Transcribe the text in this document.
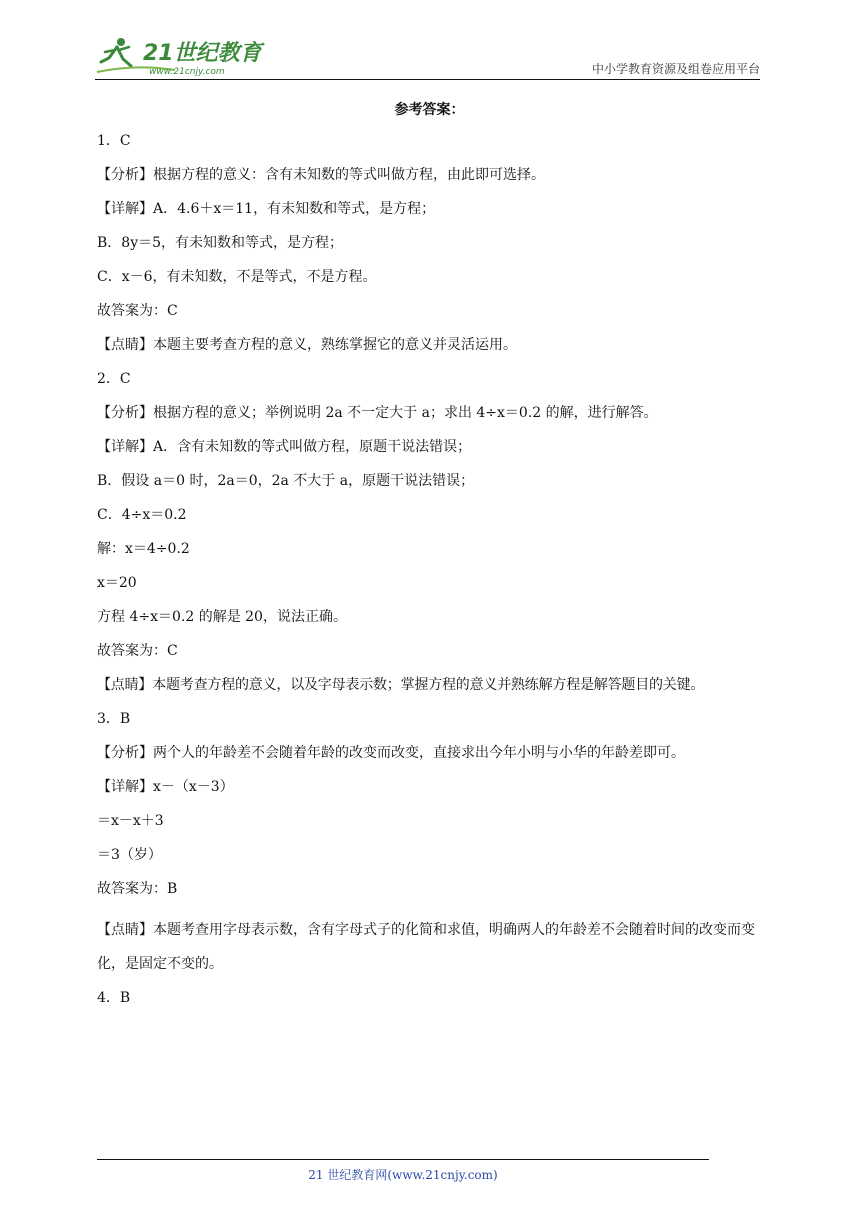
21世纪教育
www.21cnjy.com	中小学教育资源及组卷应用平台
参考答案：
1．C
【分析】根据方程的意义：含有未知数的等式叫做方程，由此即可选择。
【详解】A．4.6＋x＝11，有未知数和等式，是方程；
B．8y＝5，有未知数和等式，是方程；
C．x－6，有未知数，不是等式，不是方程。
故答案为：C
【点睛】本题主要考查方程的意义，熟练掌握它的意义并灵活运用。
2．C
【分析】根据方程的意义；举例说明 2a 不一定大于 a；求出 4÷x＝0.2 的解，进行解答。
【详解】A．含有未知数的等式叫做方程，原题干说法错误；
B．假设 a＝0 时，2a＝0，2a 不大于 a，原题干说法错误；
C．4÷x＝0.2
解：x＝4÷0.2
x＝20
方程 4÷x＝0.2 的解是 20，说法正确。
故答案为：C
【点睛】本题考查方程的意义，以及字母表示数；掌握方程的意义并熟练解方程是解答题目的关键。
3．B
【分析】两个人的年龄差不会随着年龄的改变而改变，直接求出今年小明与小华的年龄差即可。
【详解】x－（x－3）
＝x－x＋3
＝3（岁）
故答案为：B
【点睛】本题考查用字母表示数，含有字母式子的化简和求值，明确两人的年龄差不会随着时间的改变而变化，是固定不变的。
4．B
21 世纪教育网(www.21cnjy.com)
